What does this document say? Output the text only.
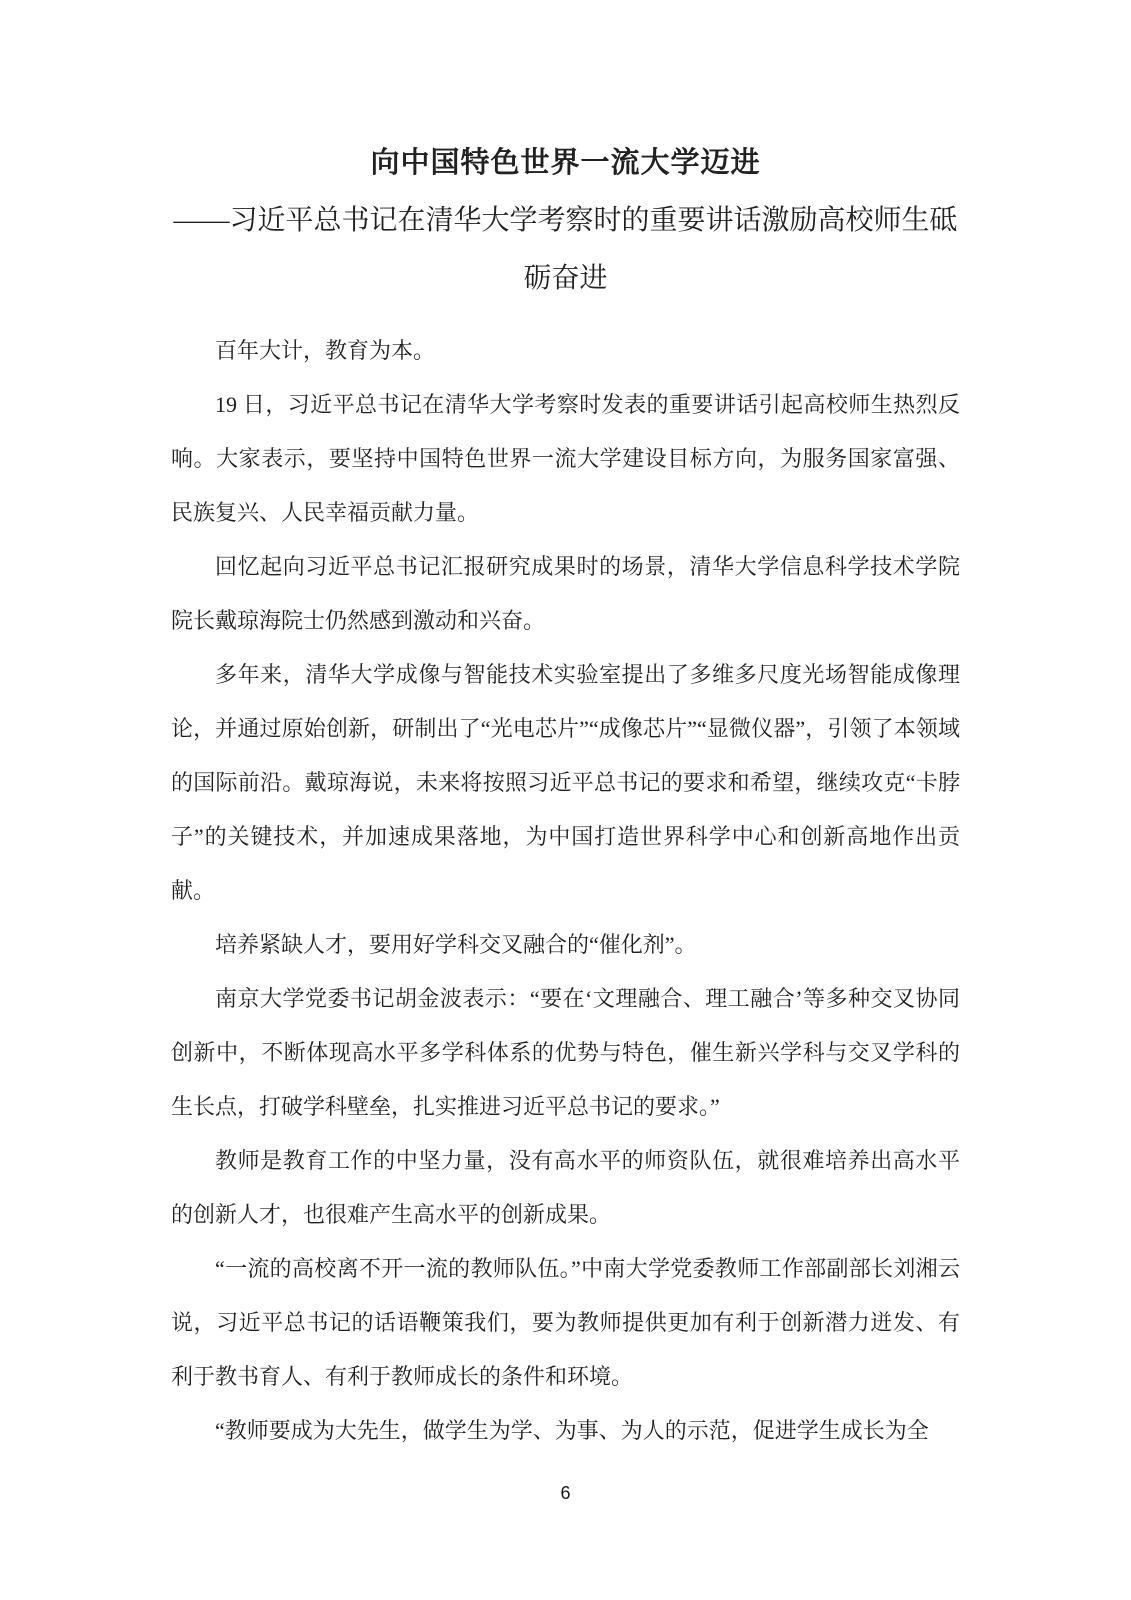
向中国特色世界一流大学迈进
——习近平总书记在清华大学考察时的重要讲话激励高校师生砥砺奋进

百年大计，教育为本。

19 日，习近平总书记在清华大学考察时发表的重要讲话引起高校师生热烈反响。大家表示，要坚持中国特色世界一流大学建设目标方向，为服务国家富强、民族复兴、人民幸福贡献力量。

回忆起向习近平总书记汇报研究成果时的场景，清华大学信息科学技术学院院长戴琼海院士仍然感到激动和兴奋。

多年来，清华大学成像与智能技术实验室提出了多维多尺度光场智能成像理论，并通过原始创新，研制出了“光电芯片”“成像芯片”“显微仪器”，引领了本领域的国际前沿。戴琼海说，未来将按照习近平总书记的要求和希望，继续攻克“卡脖子”的关键技术，并加速成果落地，为中国打造世界科学中心和创新高地作出贡献。

培养紧缺人才，要用好学科交叉融合的“催化剂”。

南京大学党委书记胡金波表示：“要在‘文理融合、理工融合’等多种交叉协同创新中，不断体现高水平多学科体系的优势与特色，催生新兴学科与交叉学科的生长点，打破学科壁垒，扎实推进习近平总书记的要求。”

教师是教育工作的中坚力量，没有高水平的师资队伍，就很难培养出高水平的创新人才，也很难产生高水平的创新成果。

“一流的高校离不开一流的教师队伍。”中南大学党委教师工作部副部长刘湘云说，习近平总书记的话语鞭策我们，要为教师提供更加有利于创新潜力迸发、有利于教书育人、有利于教师成长的条件和环境。

“教师要成为大先生，做学生为学、为事、为人的示范，促进学生成长为全

6
